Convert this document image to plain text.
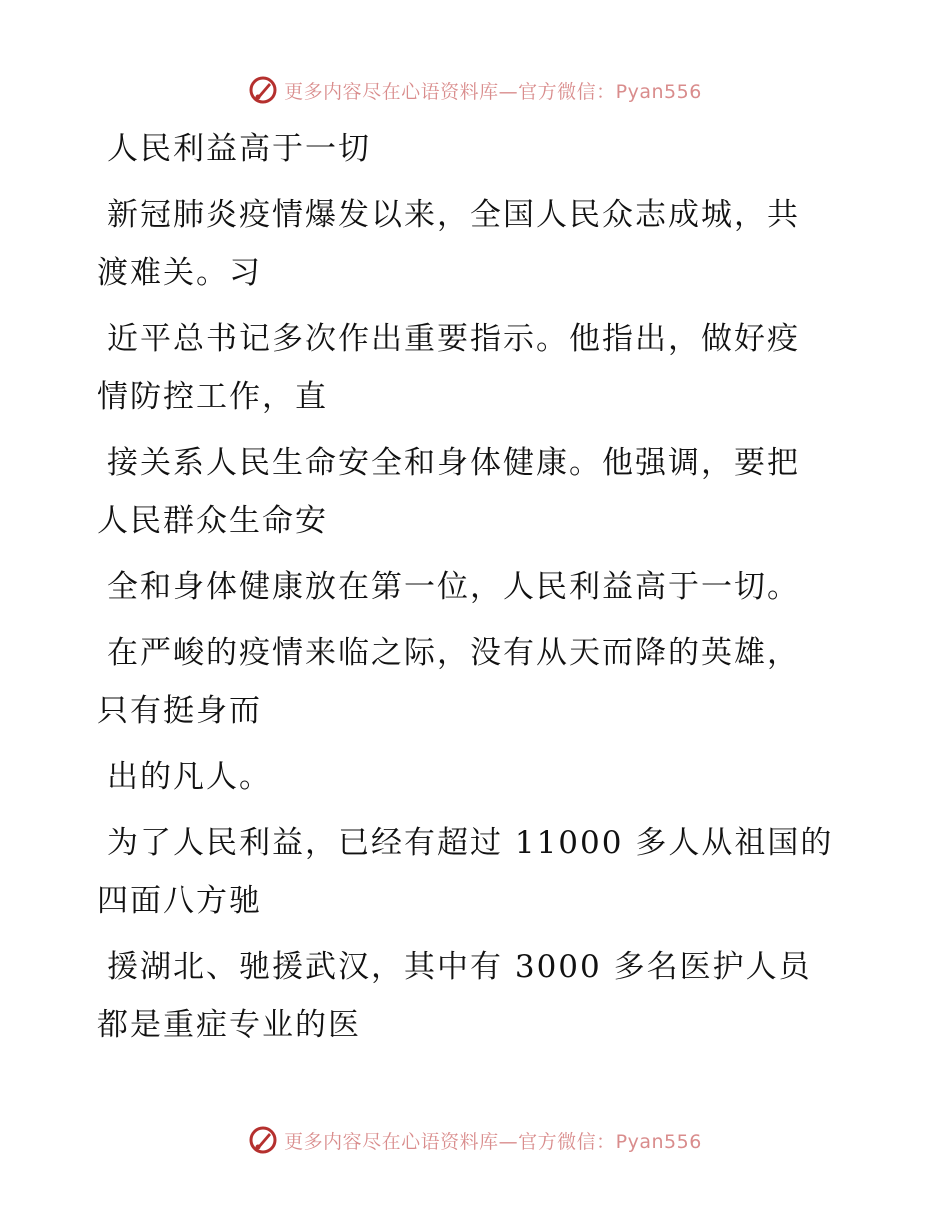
更多内容尽在心语资料库—官方微信：Pyan556

人民利益高于一切

新冠肺炎疫情爆发以来，全国人民众志成城，共
渡难关。习

近平总书记多次作出重要指示。他指出，做好疫
情防控工作，直

接关系人民生命安全和身体健康。他强调，要把
人民群众生命安

全和身体健康放在第一位，人民利益高于一切。

在严峻的疫情来临之际，没有从天而降的英雄，
只有挺身而

出的凡人。

为了人民利益，已经有超过 11000 多人从祖国的
四面八方驰

援湖北、驰援武汉，其中有 3000 多名医护人员
都是重症专业的医

更多内容尽在心语资料库—官方微信：Pyan556
